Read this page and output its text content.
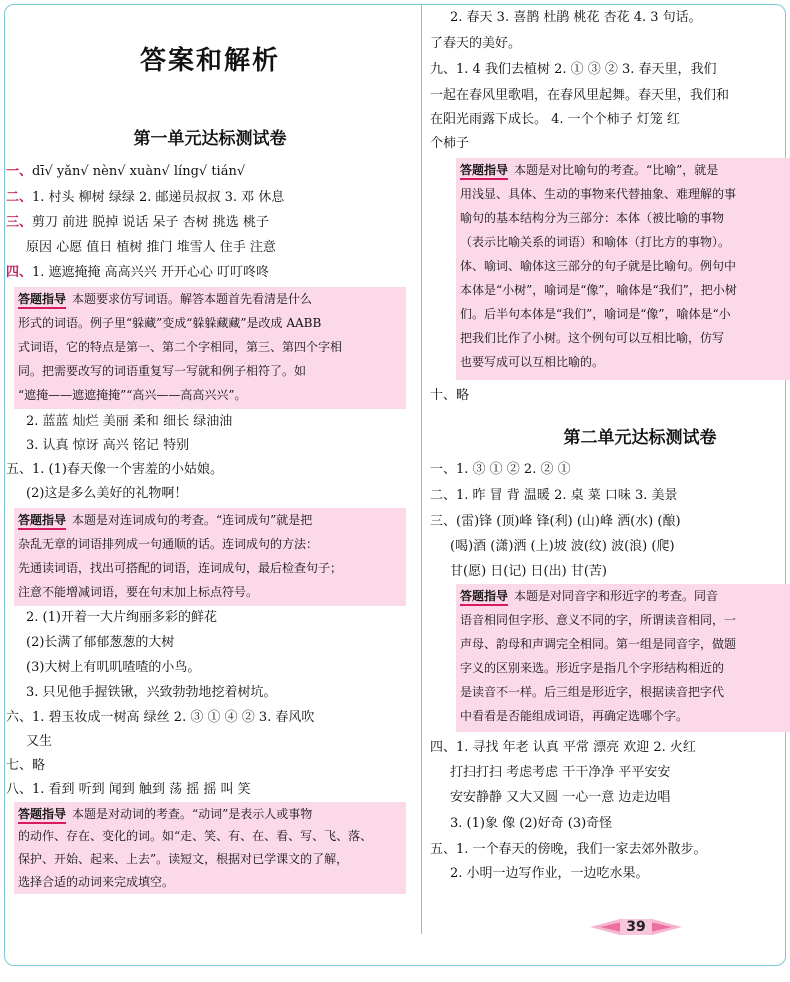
答案和解析
第一单元达标测试卷
一、dī√ yǎn√ nèn√ xuàn√ líng√ tián√
二、1. 村头 柳树 绿绿 2. 邮递员叔叔 3. 邓 休息
三、剪刀 前进 脱掉 说话 呆子 杏树 挑选 桃子
原因 心愿 值日 植树 推门 堆雪人 住手 注意
四、1. 遮遮掩掩 高高兴兴 开开心心 叮叮咚咚
答题指导 本题要求仿写词语。解答本题首先看清是什么
形式的词语。例子里“躲藏”变成“躲躲藏藏”是改成 AABB
式词语，它的特点是第一、第二个字相同，第三、第四个字相
同。把需要改写的词语重复写一写就和例子相符了。如
“遮掩——遮遮掩掩”“高兴——高高兴兴”。
2. 蓝蓝 灿烂 美丽 柔和 细长 绿油油
3. 认真 惊讶 高兴 铭记 特别
五、1. (1)春天像一个害羞的小姑娘。
(2)这是多么美好的礼物啊！
答题指导 本题是对连词成句的考查。“连词成句”就是把
杂乱无章的词语排列成一句通顺的话。连词成句的方法：
先通读词语，找出可搭配的词语，连词成句，最后检查句子；
注意不能增减词语，要在句末加上标点符号。
2. (1)开着一大片绚丽多彩的鲜花
(2)长满了郁郁葱葱的大树
(3)大树上有叽叽喳喳的小鸟。
3. 只见他手握铁锹，兴致勃勃地挖着树坑。
六、1. 碧玉妆成一树高 绿丝 2. ③ ① ④ ② 3. 春风吹
又生
七、略
八、1. 看到 听到 闻到 触到 荡 摇 摇 叫 笑
答题指导 本题是对动词的考查。“动词”是表示人或事物
的动作、存在、变化的词。如“走、笑、有、在、看、写、飞、落、
保护、开始、起来、上去”。读短文，根据对已学课文的了解，
选择合适的动词来完成填空。
2. 春天 3. 喜鹊 杜鹃 桃花 杏花 4. 3 句话。
了春天的美好。
九、1. 4 我们去植树 2. ① ③ ② 3. 春天里，我们
一起在春风里歌唱，在春风里起舞。春天里，我们和
在阳光雨露下成长。 4. 一个个柿子 灯笼 红
个柿子
答题指导 本题是对比喻句的考查。“比喻”，就是
用浅显、具体、生动的事物来代替抽象、难理解的事
喻句的基本结构分为三部分：本体（被比喻的事物
（表示比喻关系的词语）和喻体（打比方的事物）。
体、喻词、喻体这三部分的句子就是比喻句。例句中
本体是“小树”，喻词是“像”，喻体是“我们”，把小树
们。后半句本体是“我们”，喻词是“像”，喻体是“小
把我们比作了小树。这个例句可以互相比喻，仿写
也要写成可以互相比喻的。
十、略
第二单元达标测试卷
一、1. ③ ① ② 2. ② ①
二、1. 昨 冒 背 温暖 2. 桌 菜 口味 3. 美景
三、(雷)锋 (顶)峰 锋(利) (山)峰 洒(水) (酿)
(喝)酒 (潇)洒 (上)坡 波(纹) 波(浪) (爬)
甘(愿) 日(记) 日(出) 甘(苦)
答题指导 本题是对同音字和形近字的考查。同音
语音相同但字形、意义不同的字，所谓读音相同，一
声母、韵母和声调完全相同。第一组是同音字，做题
字义的区别来选。形近字是指几个字形结构相近的
是读音不一样。后三组是形近字，根据读音把字代
中看看是否能组成词语，再确定选哪个字。
四、1. 寻找 年老 认真 平常 漂亮 欢迎 2. 火红
打扫打扫 考虑考虑 干干净净 平平安安
安安静静 又大又圆 一心一意 边走边唱
3. (1)象 像 (2)好奇 (3)奇怪
五、1. 一个春天的傍晚，我们一家去郊外散步。
2. 小明一边写作业，一边吃水果。
39
